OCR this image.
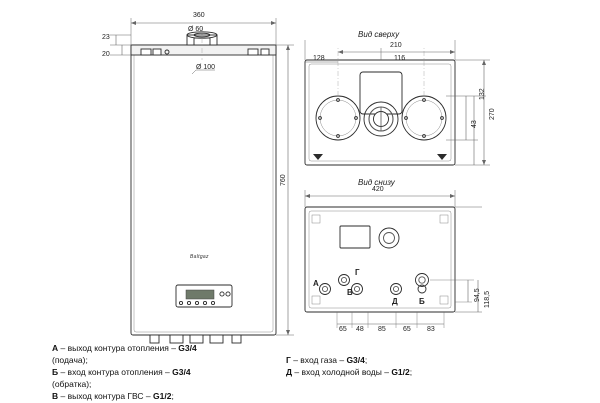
360
Ø 60
Ø 100
23
20
760
Baltgaz
Вид сверху
210
128	116
270
132
43
Вид снизу
420
118,5
94,5
65 48 85 65 83
А
В
Г
Д	Б
А – выход контура отопления – G3/4
(подача);
Б – вход контура отопления – G3/4
(обратка);
В – выход контура ГВС – G1/2;
Г – вход газа – G3/4;
Д – вход холодной воды – G1/2;
